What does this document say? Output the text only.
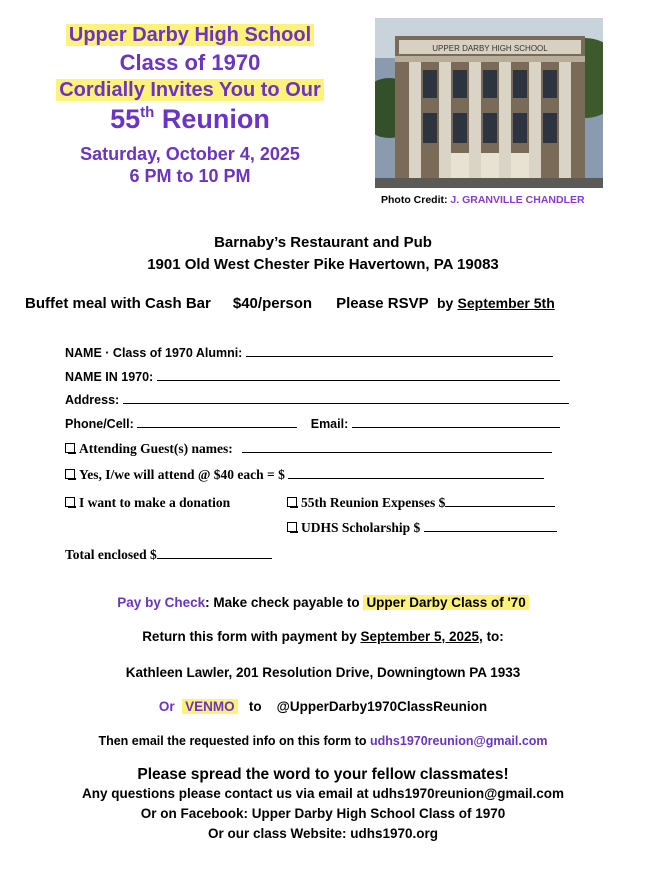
Upper Darby High School
Class of 1970
Cordially Invites You to Our
55th Reunion
Saturday, October 4, 2025
6 PM to 10 PM
UPPER DARBY HIGH SCHOOL
Photo Credit: J. GRANVILLE CHANDLER
Barnaby’s Restaurant and Pub
1901 Old West Chester Pike Havertown, PA 19083
Buffet meal with Cash Bar $40/person Please RSVP by September 5th
NAME · Class of 1970 Alumni:
NAME IN 1970:
Address:
Phone/Cell:	Email:
Attending Guest(s) names:
Yes, I/we will attend @ $40 each = $
I want to make a donation	55th Reunion Expenses $
UDHS Scholarship $
Total enclosed $
Pay by Check: Make check payable to Upper Darby Class of '70
Return this form with payment by September 5, 2025, to:
Kathleen Lawler, 201 Resolution Drive, Downingtown PA 1933
Or VENMO to @UpperDarby1970ClassReunion
Then email the requested info on this form to udhs1970reunion@gmail.com
Please spread the word to your fellow classmates!
Any questions please contact us via email at udhs1970reunion@gmail.com
Or on Facebook: Upper Darby High School Class of 1970
Or our class Website: udhs1970.org
